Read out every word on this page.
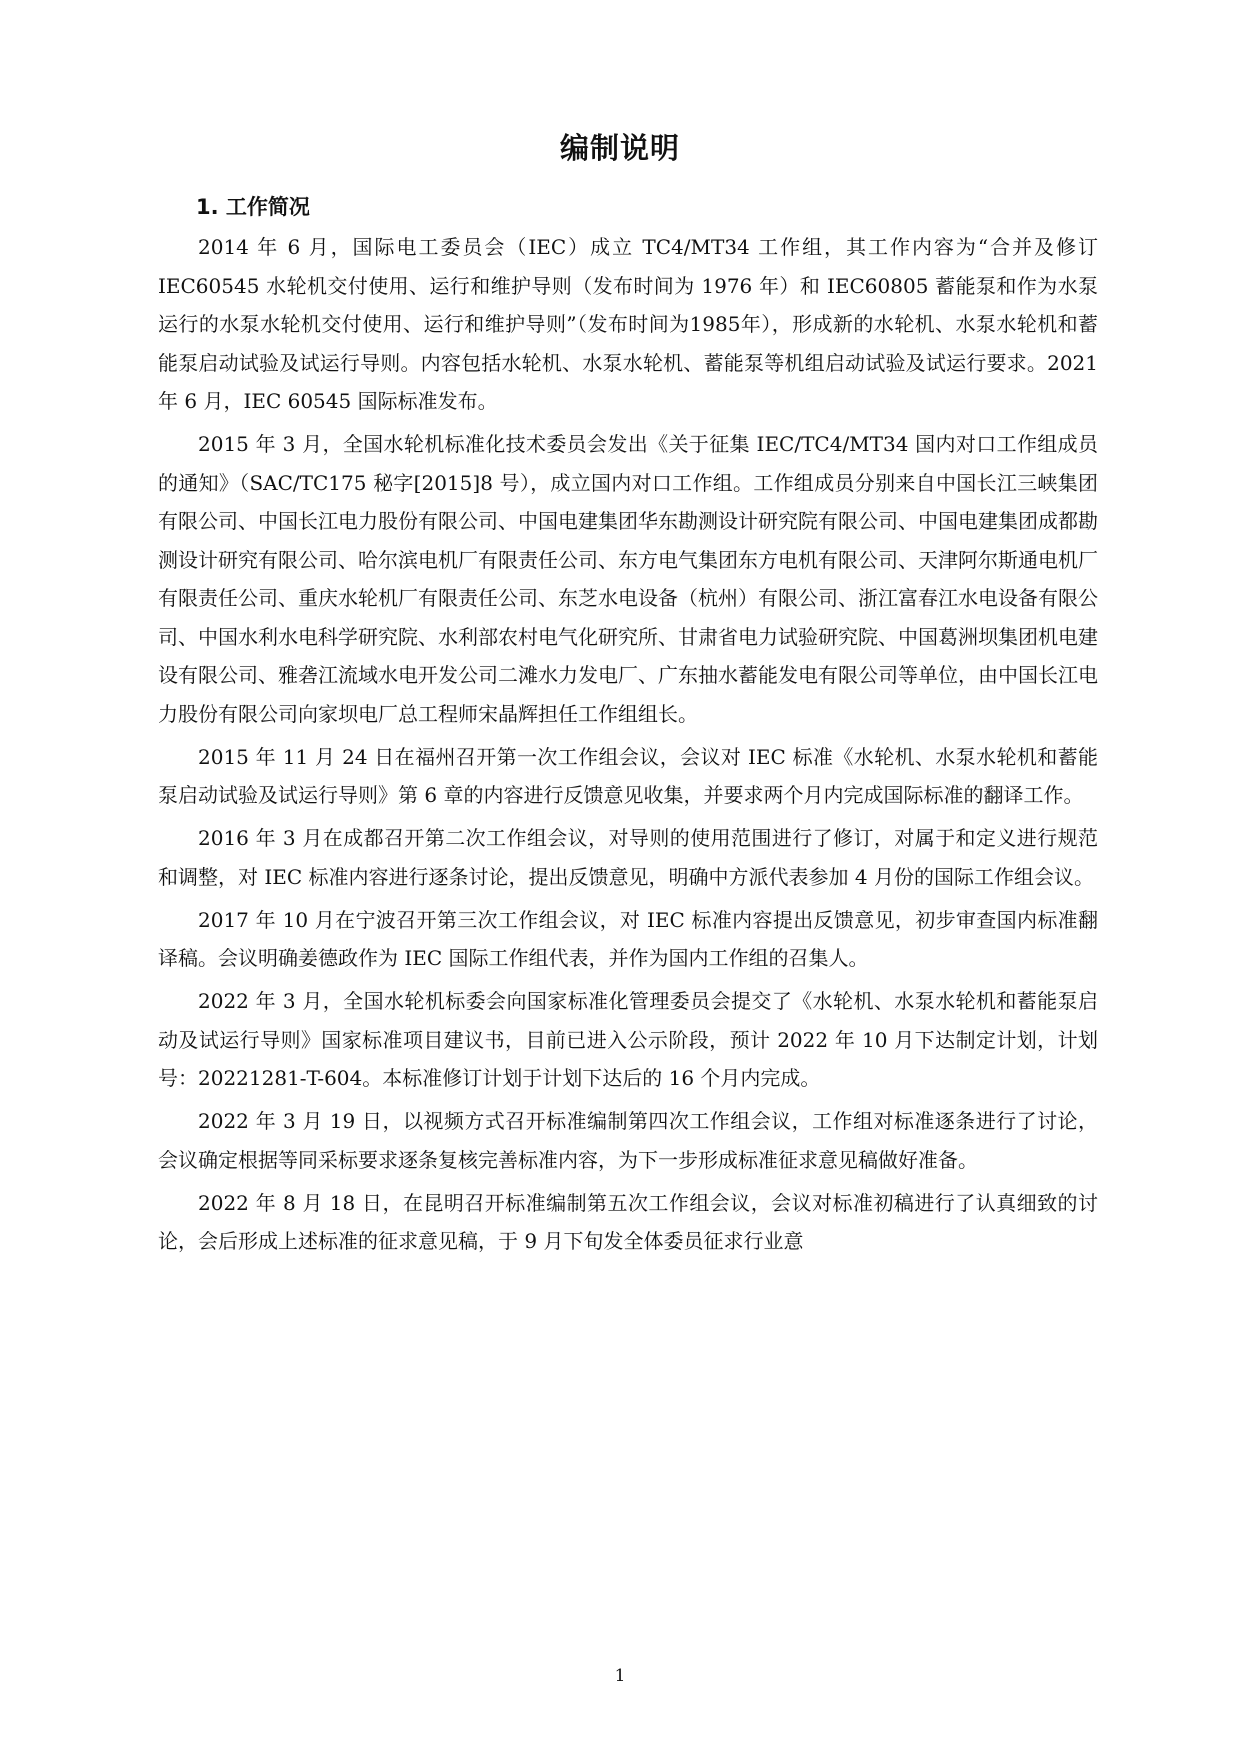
编制说明
1. 工作简况

2014 年 6 月，国际电工委员会（IEC）成立 TC4/MT34 工作组，其工作内容为“合并及修订 IEC60545 水轮机交付使用、运行和维护导则（发布时间为 1976 年）和 IEC60805 蓄能泵和作为水泵运行的水泵水轮机交付使用、运行和维护导则”（发布时间为1985年），形成新的水轮机、水泵水轮机和蓄能泵启动试验及试运行导则。内容包括水轮机、水泵水轮机、蓄能泵等机组启动试验及试运行要求。2021 年 6 月，IEC 60545 国际标准发布。

2015 年 3 月，全国水轮机标准化技术委员会发出《关于征集 IEC/TC4/MT34 国内对口工作组成员的通知》（SAC/TC175 秘字[2015]8 号），成立国内对口工作组。工作组成员分别来自中国长江三峡集团有限公司、中国长江电力股份有限公司、中国电建集团华东勘测设计研究院有限公司、中国电建集团成都勘测设计研究有限公司、哈尔滨电机厂有限责任公司、东方电气集团东方电机有限公司、天津阿尔斯通电机厂有限责任公司、重庆水轮机厂有限责任公司、东芝水电设备（杭州）有限公司、浙江富春江水电设备有限公司、中国水利水电科学研究院、水利部农村电气化研究所、甘肃省电力试验研究院、中国葛洲坝集团机电建设有限公司、雅砻江流域水电开发公司二滩水力发电厂、广东抽水蓄能发电有限公司等单位，由中国长江电力股份有限公司向家坝电厂总工程师宋晶辉担任工作组组长。

2015 年 11 月 24 日在福州召开第一次工作组会议，会议对 IEC 标准《水轮机、水泵水轮机和蓄能泵启动试验及试运行导则》第 6 章的内容进行反馈意见收集，并要求两个月内完成国际标准的翻译工作。

2016 年 3 月在成都召开第二次工作组会议，对导则的使用范围进行了修订，对属于和定义进行规范和调整，对 IEC 标准内容进行逐条讨论，提出反馈意见，明确中方派代表参加 4 月份的国际工作组会议。

2017 年 10 月在宁波召开第三次工作组会议，对 IEC 标准内容提出反馈意见，初步审查国内标准翻译稿。会议明确姜德政作为 IEC 国际工作组代表，并作为国内工作组的召集人。

2022 年 3 月，全国水轮机标委会向国家标准化管理委员会提交了《水轮机、水泵水轮机和蓄能泵启动及试运行导则》国家标准项目建议书，目前已进入公示阶段，预计 2022 年 10 月下达制定计划，计划号：20221281-T-604。本标准修订计划于计划下达后的 16 个月内完成。

2022 年 3 月 19 日，以视频方式召开标准编制第四次工作组会议，工作组对标准逐条进行了讨论，会议确定根据等同采标要求逐条复核完善标准内容，为下一步形成标准征求意见稿做好准备。

2022 年 8 月 18 日，在昆明召开标准编制第五次工作组会议，会议对标准初稿进行了认真细致的讨论，会后形成上述标准的征求意见稿，于 9 月下旬发全体委员征求行业意

1
